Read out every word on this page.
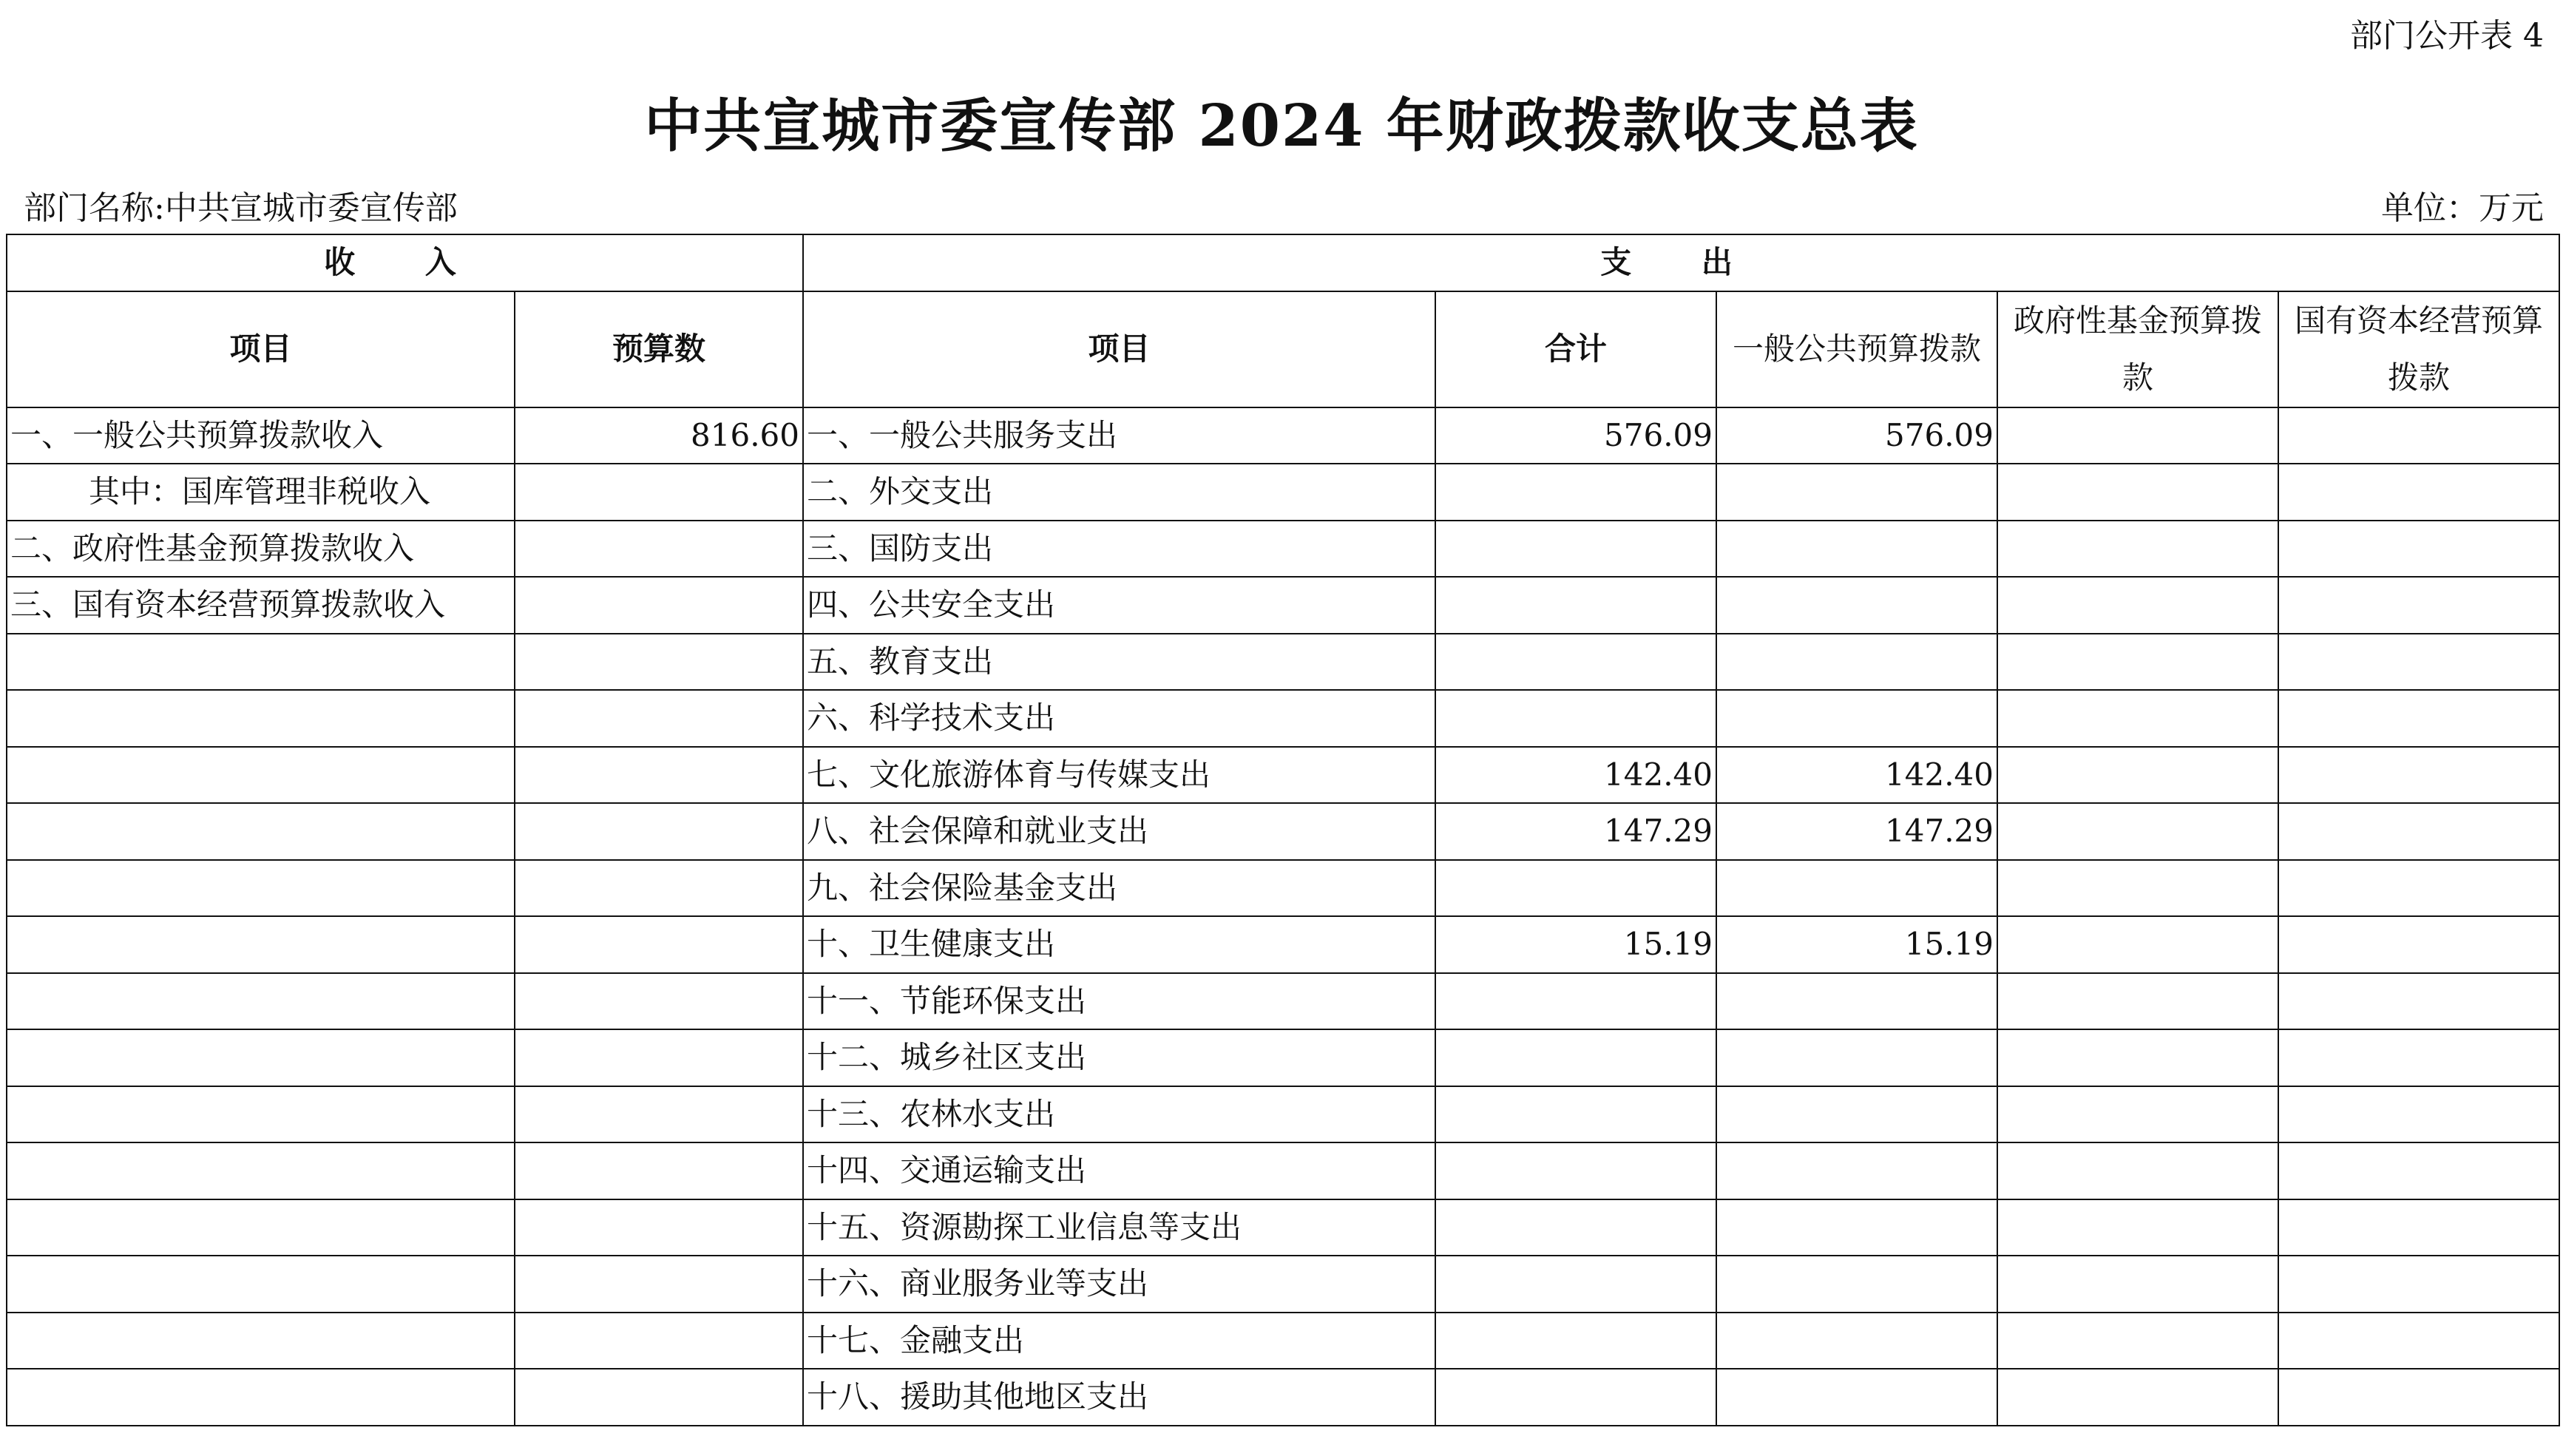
部门公开表 4
中共宣城市委宣传部 2024 年财政拨款收支总表
部门名称:中共宣城市委宣传部	单位：万元
收 入		支 出				
项目	预算数	项目	合计	一般公共预算拨款	政府性基金预算拨款	国有资本经营预算拨款
一、一般公共预算拨款收入	816.60	一、一般公共服务支出	576.09	576.09		
其中：国库管理非税收入		二、外交支出				
二、政府性基金预算拨款收入		三、国防支出				
三、国有资本经营预算拨款收入		四、公共安全支出				
		五、教育支出				
		六、科学技术支出				
		七、文化旅游体育与传媒支出	142.40	142.40		
		八、社会保障和就业支出	147.29	147.29		
		九、社会保险基金支出				
		十、卫生健康支出	15.19	15.19		
		十一、节能环保支出				
		十二、城乡社区支出				
		十三、农林水支出				
		十四、交通运输支出				
		十五、资源勘探工业信息等支出				
		十六、商业服务业等支出				
		十七、金融支出				
		十八、援助其他地区支出				
